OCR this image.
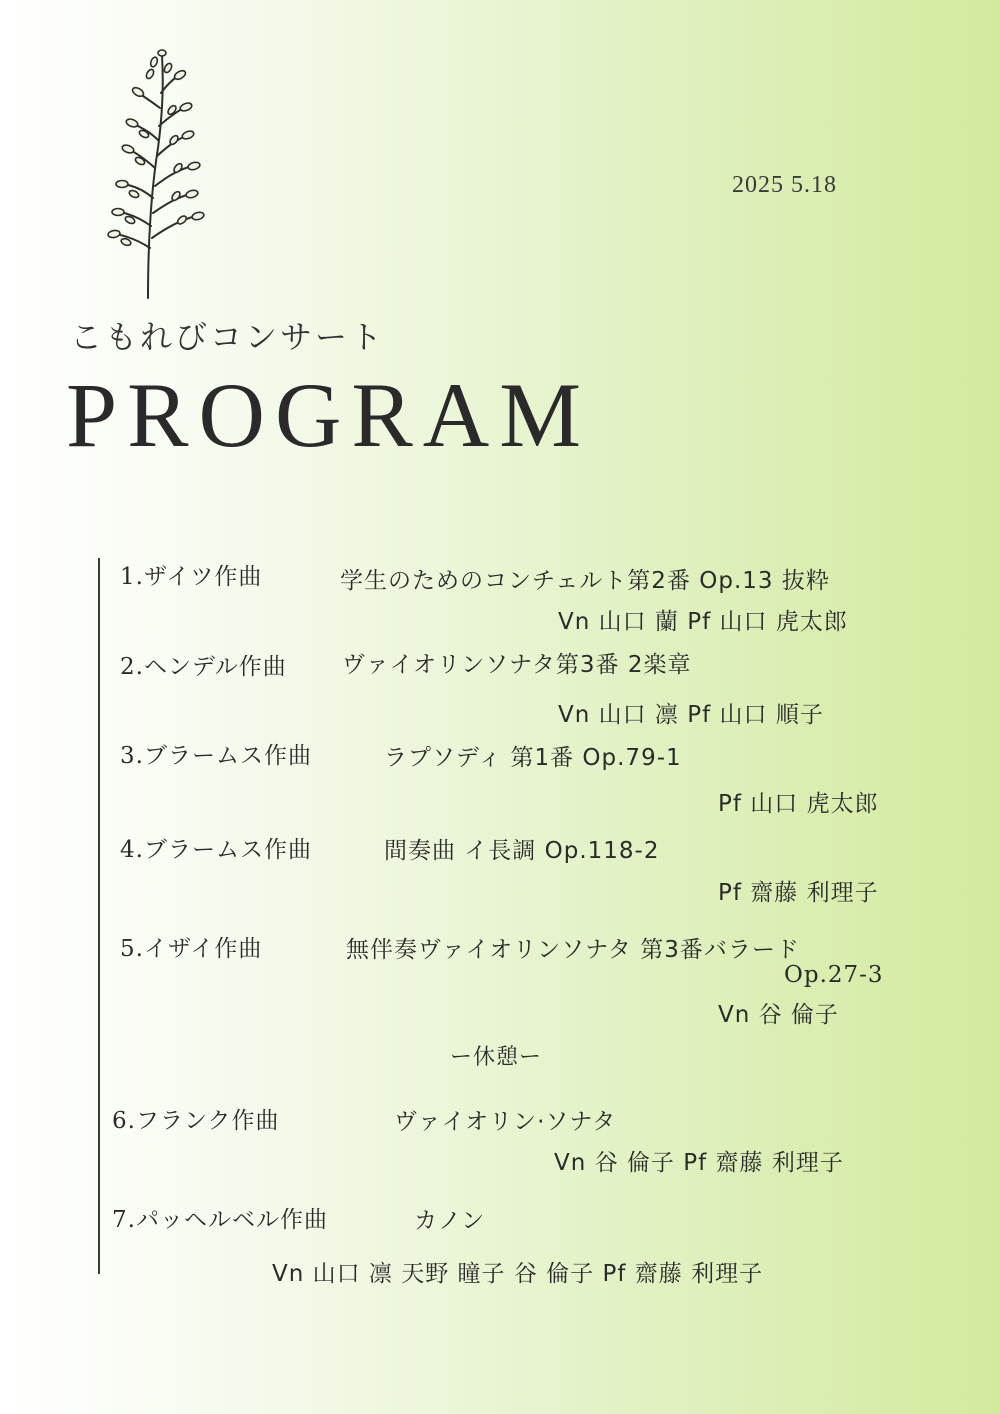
2025 5.18
こもれびコンサート
PROGRAM
1.ザイツ作曲	学生のためのコンチェルト第2番 Op.13 抜粋
Vn 山口 蘭 Pf 山口 虎太郎
2.ヘンデル作曲 ヴァイオリンソナタ第3番 2楽章
Vn 山口 凛 Pf 山口 順子
3.ブラームス作曲	ラプソディ 第1番 Op.79-1
Pf 山口 虎太郎
4.ブラームス作曲	間奏曲 イ長調 Op.118-2
Pf 齋藤 利理子
5.イザイ作曲	無伴奏ヴァイオリンソナタ 第3番バラード
Op.27-3
Vn 谷 倫子
ー休憩ー
6.フランク作曲	ヴァイオリン·ソナタ
Vn 谷 倫子 Pf 齋藤 利理子
7.パッヘルベル作曲	カノン
Vn 山口 凛 天野 瞳子 谷 倫子 Pf 齋藤 利理子
